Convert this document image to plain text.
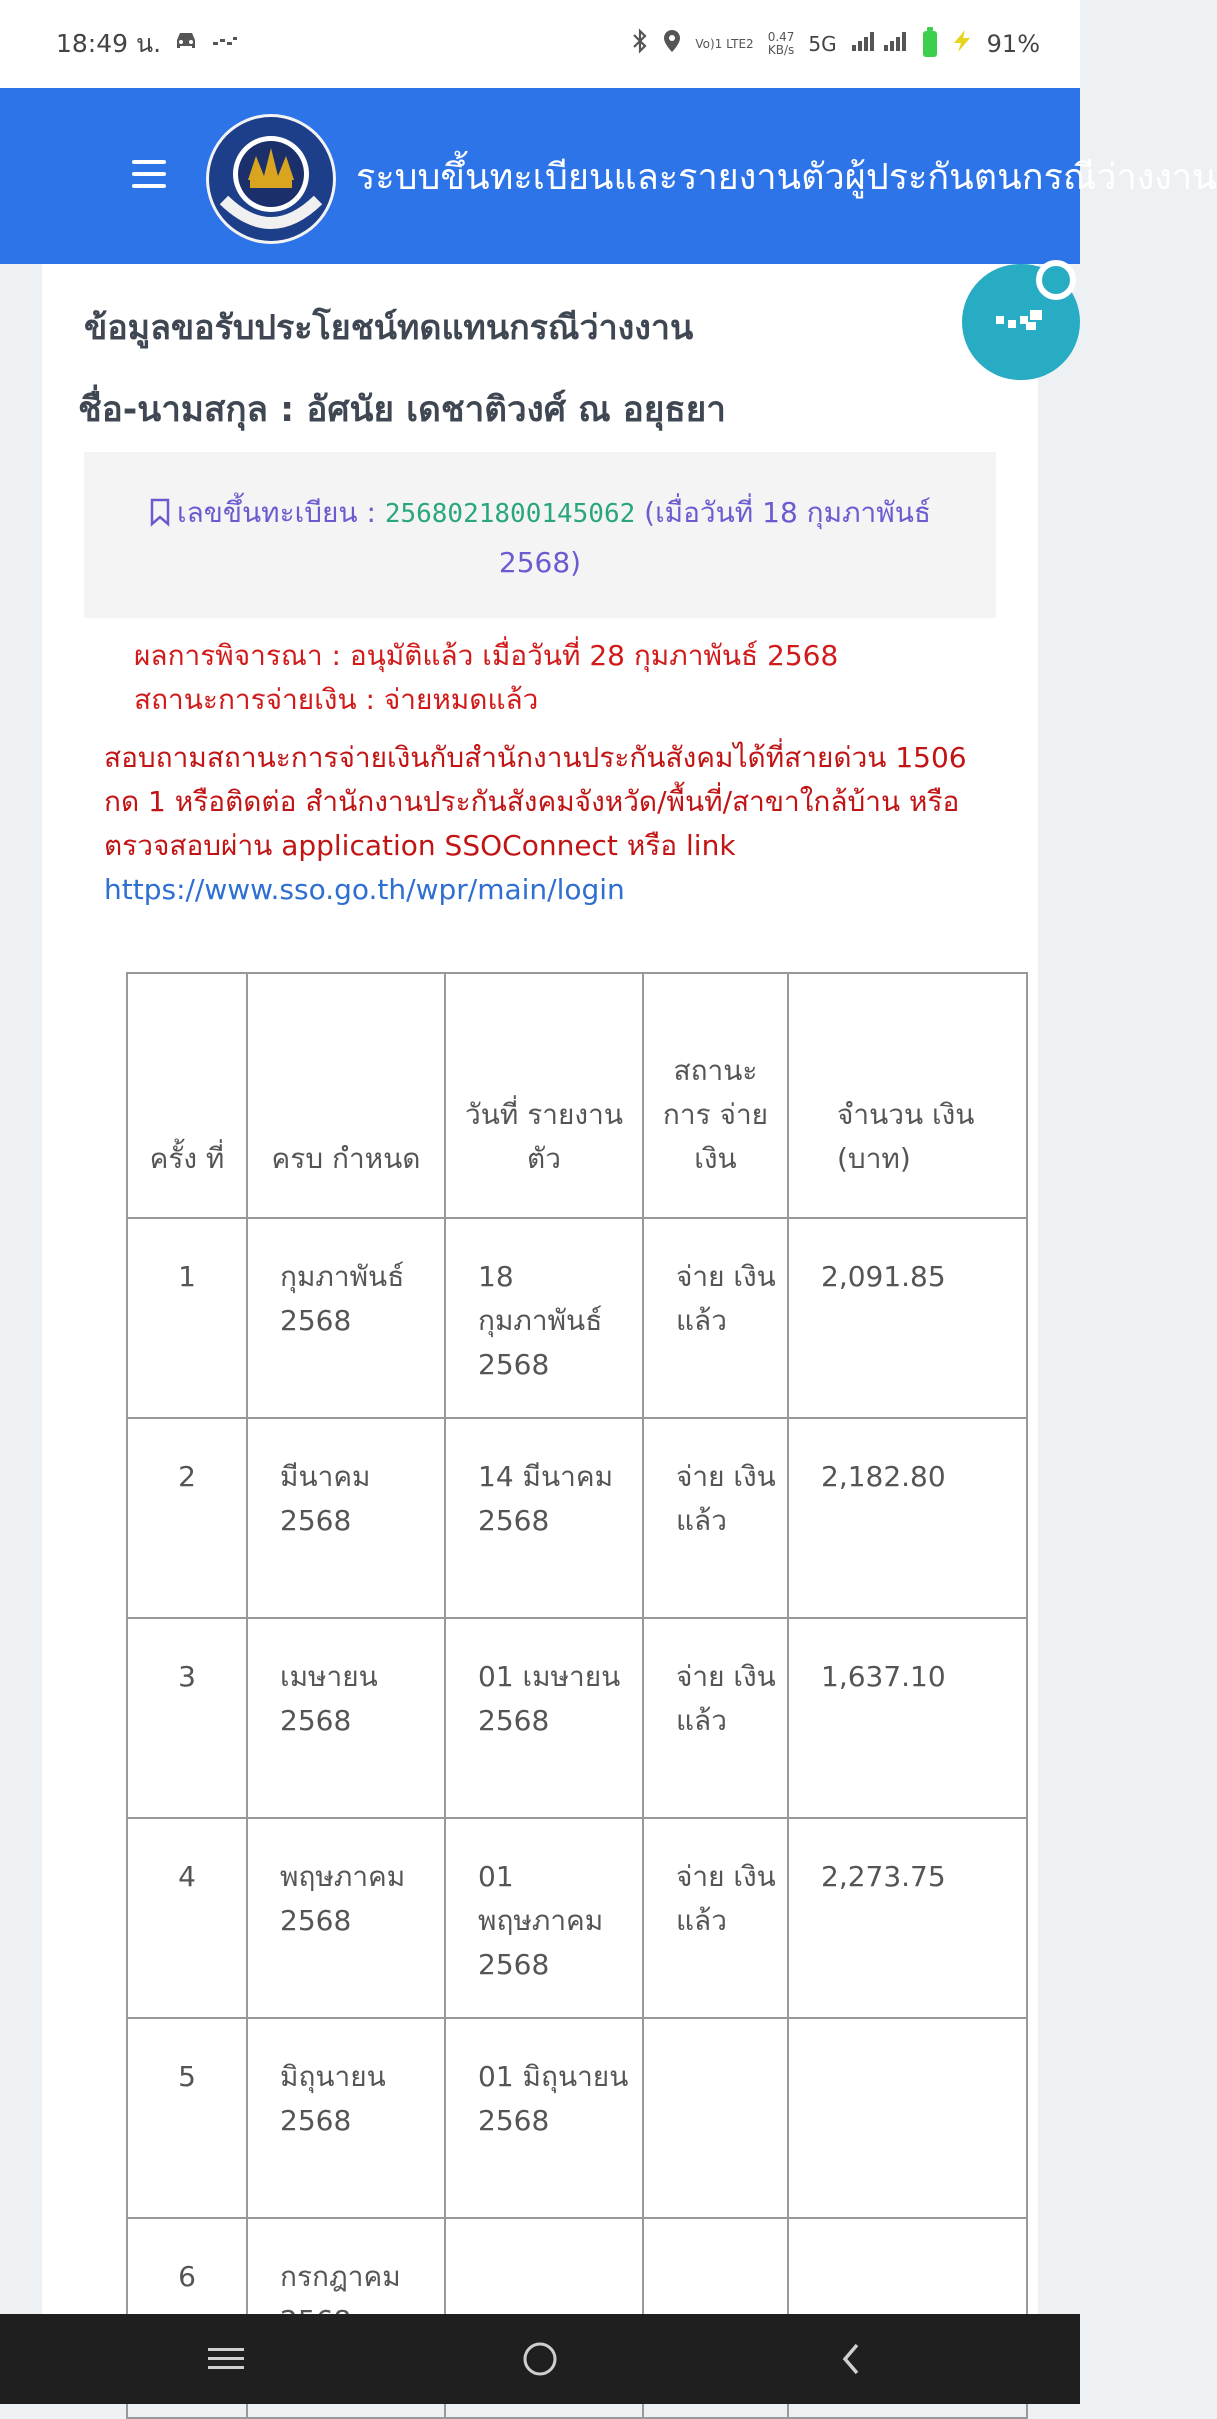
18:49 น.	Vo)1 LTE2 0.47
KB/s 5G	91%
ระบบขึ้นทะเบียนและรายงานตัวผู้ประกันตนกรณีว่างงาน
ข้อมูลขอรับประโยชน์ทดแทนกรณีว่างงาน
ชื่อ-นามสกุล : อัศนัย เดชาติวงศ์ ณ อยุธยา
เลขขึ้นทะเบียน : 2568021800145062 (เมื่อวันที่ 18 กุมภาพันธ์ 2568)
ผลการพิจารณา : อนุมัติแล้ว เมื่อวันที่ 28 กุมภาพันธ์ 2568
สถานะการจ่ายเงิน : จ่ายหมดแล้ว
สอบถามสถานะการจ่ายเงินกับสำนักงานประกันสังคมได้ที่สายด่วน 1506 กด 1 หรือติดต่อ สำนักงานประกันสังคมจังหวัด/พื้นที่/สาขาใกล้บ้าน หรือตรวจสอบผ่าน application SSOConnect หรือ link
https://www.sso.go.th/wpr/main/login
ครั้ง ที่	ครบ กำหนด	วันที่ รายงาน ตัว	สถานะ การ จ่าย เงิน	จำนวน เงิน (บาท)
1	กุมภาพันธ์ 2568	18 กุมภาพันธ์ 2568	จ่าย เงิน แล้ว	2,091.85
2	มีนาคม 2568	14 มีนาคม 2568	จ่าย เงิน แล้ว	2,182.80
3	เมษายน 2568	01 เมษายน 2568	จ่าย เงิน แล้ว	1,637.10
4	พฤษภาคม 2568	01 พฤษภาคม 2568	จ่าย เงิน แล้ว	2,273.75
5	มิถุนายน 2568	01 มิถุนายน 2568		
6	กรกฎาคม			
